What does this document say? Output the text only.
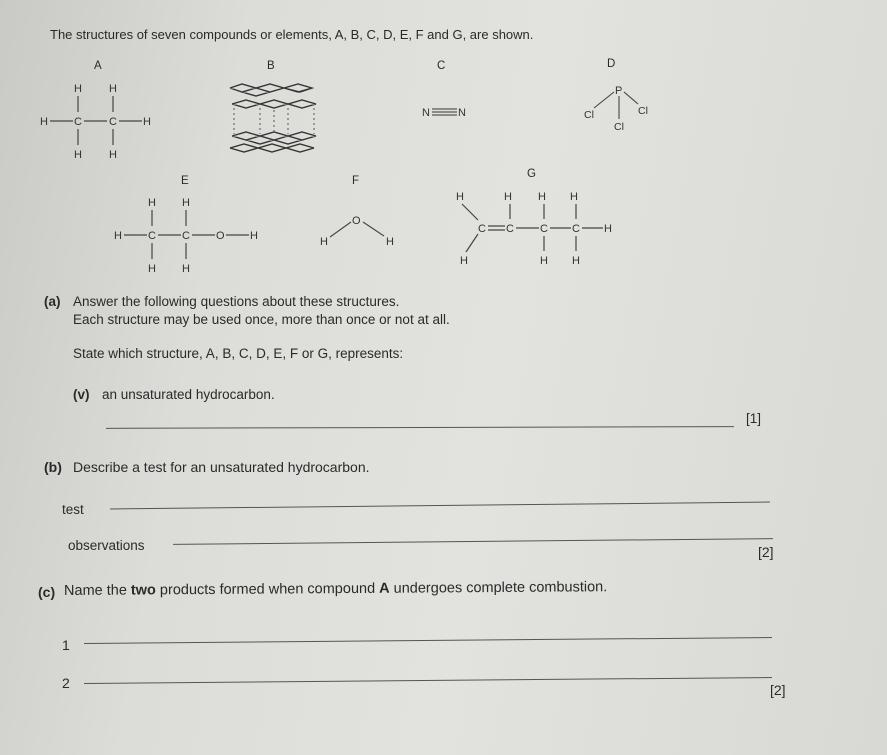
The structures of seven compounds or elements, A, B, C, D, E, F and G, are shown.
A	B	C	D
E	F
G
H H
H C C H
H H
N	N
P
Cl	Cl
Cl
H H
H C C O H
H H
O
H	H
H	H H H
C C C C H
H	H H
(a) Answer the following questions about these structures.
Each structure may be used once, more than once or not at all.
State which structure, A, B, C, D, E, F or G, represents:
(v) an unsaturated hydrocarbon.
[1]
(b) Describe a test for an unsaturated hydrocarbon.
test
observations	[2]
(c) Name the two products formed when compound A undergoes complete combustion.
1
2	[2]
